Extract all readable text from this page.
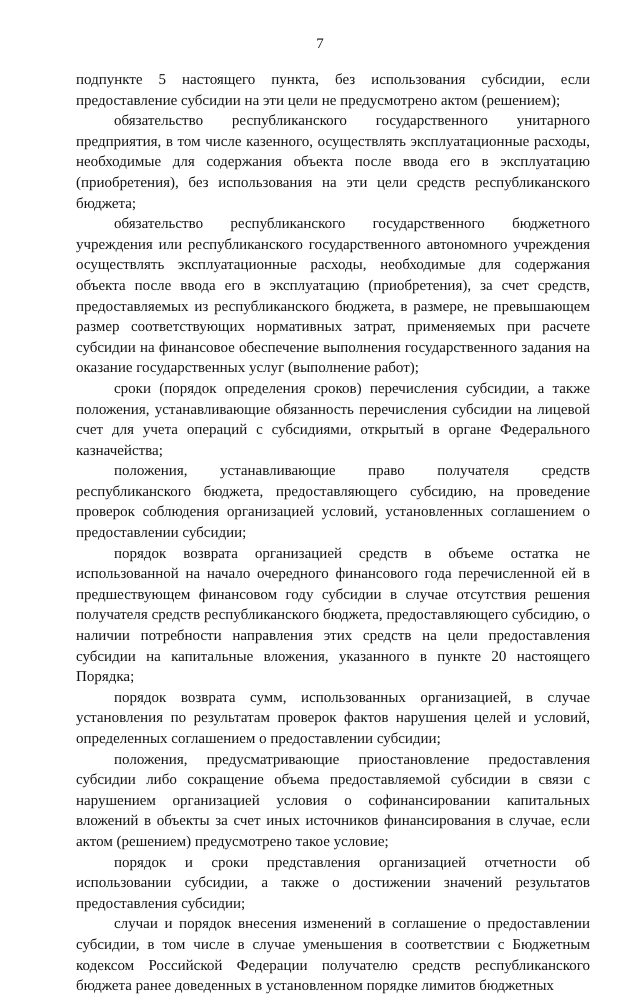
7

подпункте 5 настоящего пункта, без использования субсидии, если предоставление субсидии на эти цели не предусмотрено актом (решением);

обязательство республиканского государственного унитарного предприятия, в том числе казенного, осуществлять эксплуатационные расходы, необходимые для содержания объекта после ввода его в эксплуатацию (приобретения), без использования на эти цели средств республиканского бюджета;

обязательство республиканского государственного бюджетного учреждения или республиканского государственного автономного учреждения осуществлять эксплуатационные расходы, необходимые для содержания объекта после ввода его в эксплуатацию (приобретения), за счет средств, предоставляемых из республиканского бюджета, в размере, не превышающем размер соответствующих нормативных затрат, применяемых при расчете субсидии на финансовое обеспечение выполнения государственного задания на оказание государственных услуг (выполнение работ);

сроки (порядок определения сроков) перечисления субсидии, а также положения, устанавливающие обязанность перечисления субсидии на лицевой счет для учета операций с субсидиями, открытый в органе Федерального казначейства;

положения, устанавливающие право получателя средств республиканского бюджета, предоставляющего субсидию, на проведение проверок соблюдения организацией условий, установленных соглашением о предоставлении субсидии;

порядок возврата организацией средств в объеме остатка не использованной на начало очередного финансового года перечисленной ей в предшествующем финансовом году субсидии в случае отсутствия решения получателя средств республиканского бюджета, предоставляющего субсидию, о наличии потребности направления этих средств на цели предоставления субсидии на капитальные вложения, указанного в пункте 20 настоящего Порядка;

порядок возврата сумм, использованных организацией, в случае установления по результатам проверок фактов нарушения целей и условий, определенных соглашением о предоставлении субсидии;

положения, предусматривающие приостановление предоставления субсидии либо сокращение объема предоставляемой субсидии в связи с нарушением организацией условия о софинансировании капитальных вложений в объекты за счет иных источников финансирования в случае, если актом (решением) предусмотрено такое условие;

порядок и сроки представления организацией отчетности об использовании субсидии, а также о достижении значений результатов предоставления субсидии;

случаи и порядок внесения изменений в соглашение о предоставлении субсидии, в том числе в случае уменьшения в соответствии с Бюджетным кодексом Российской Федерации получателю средств республиканского бюджета ранее доведенных в установленном порядке лимитов бюджетных
